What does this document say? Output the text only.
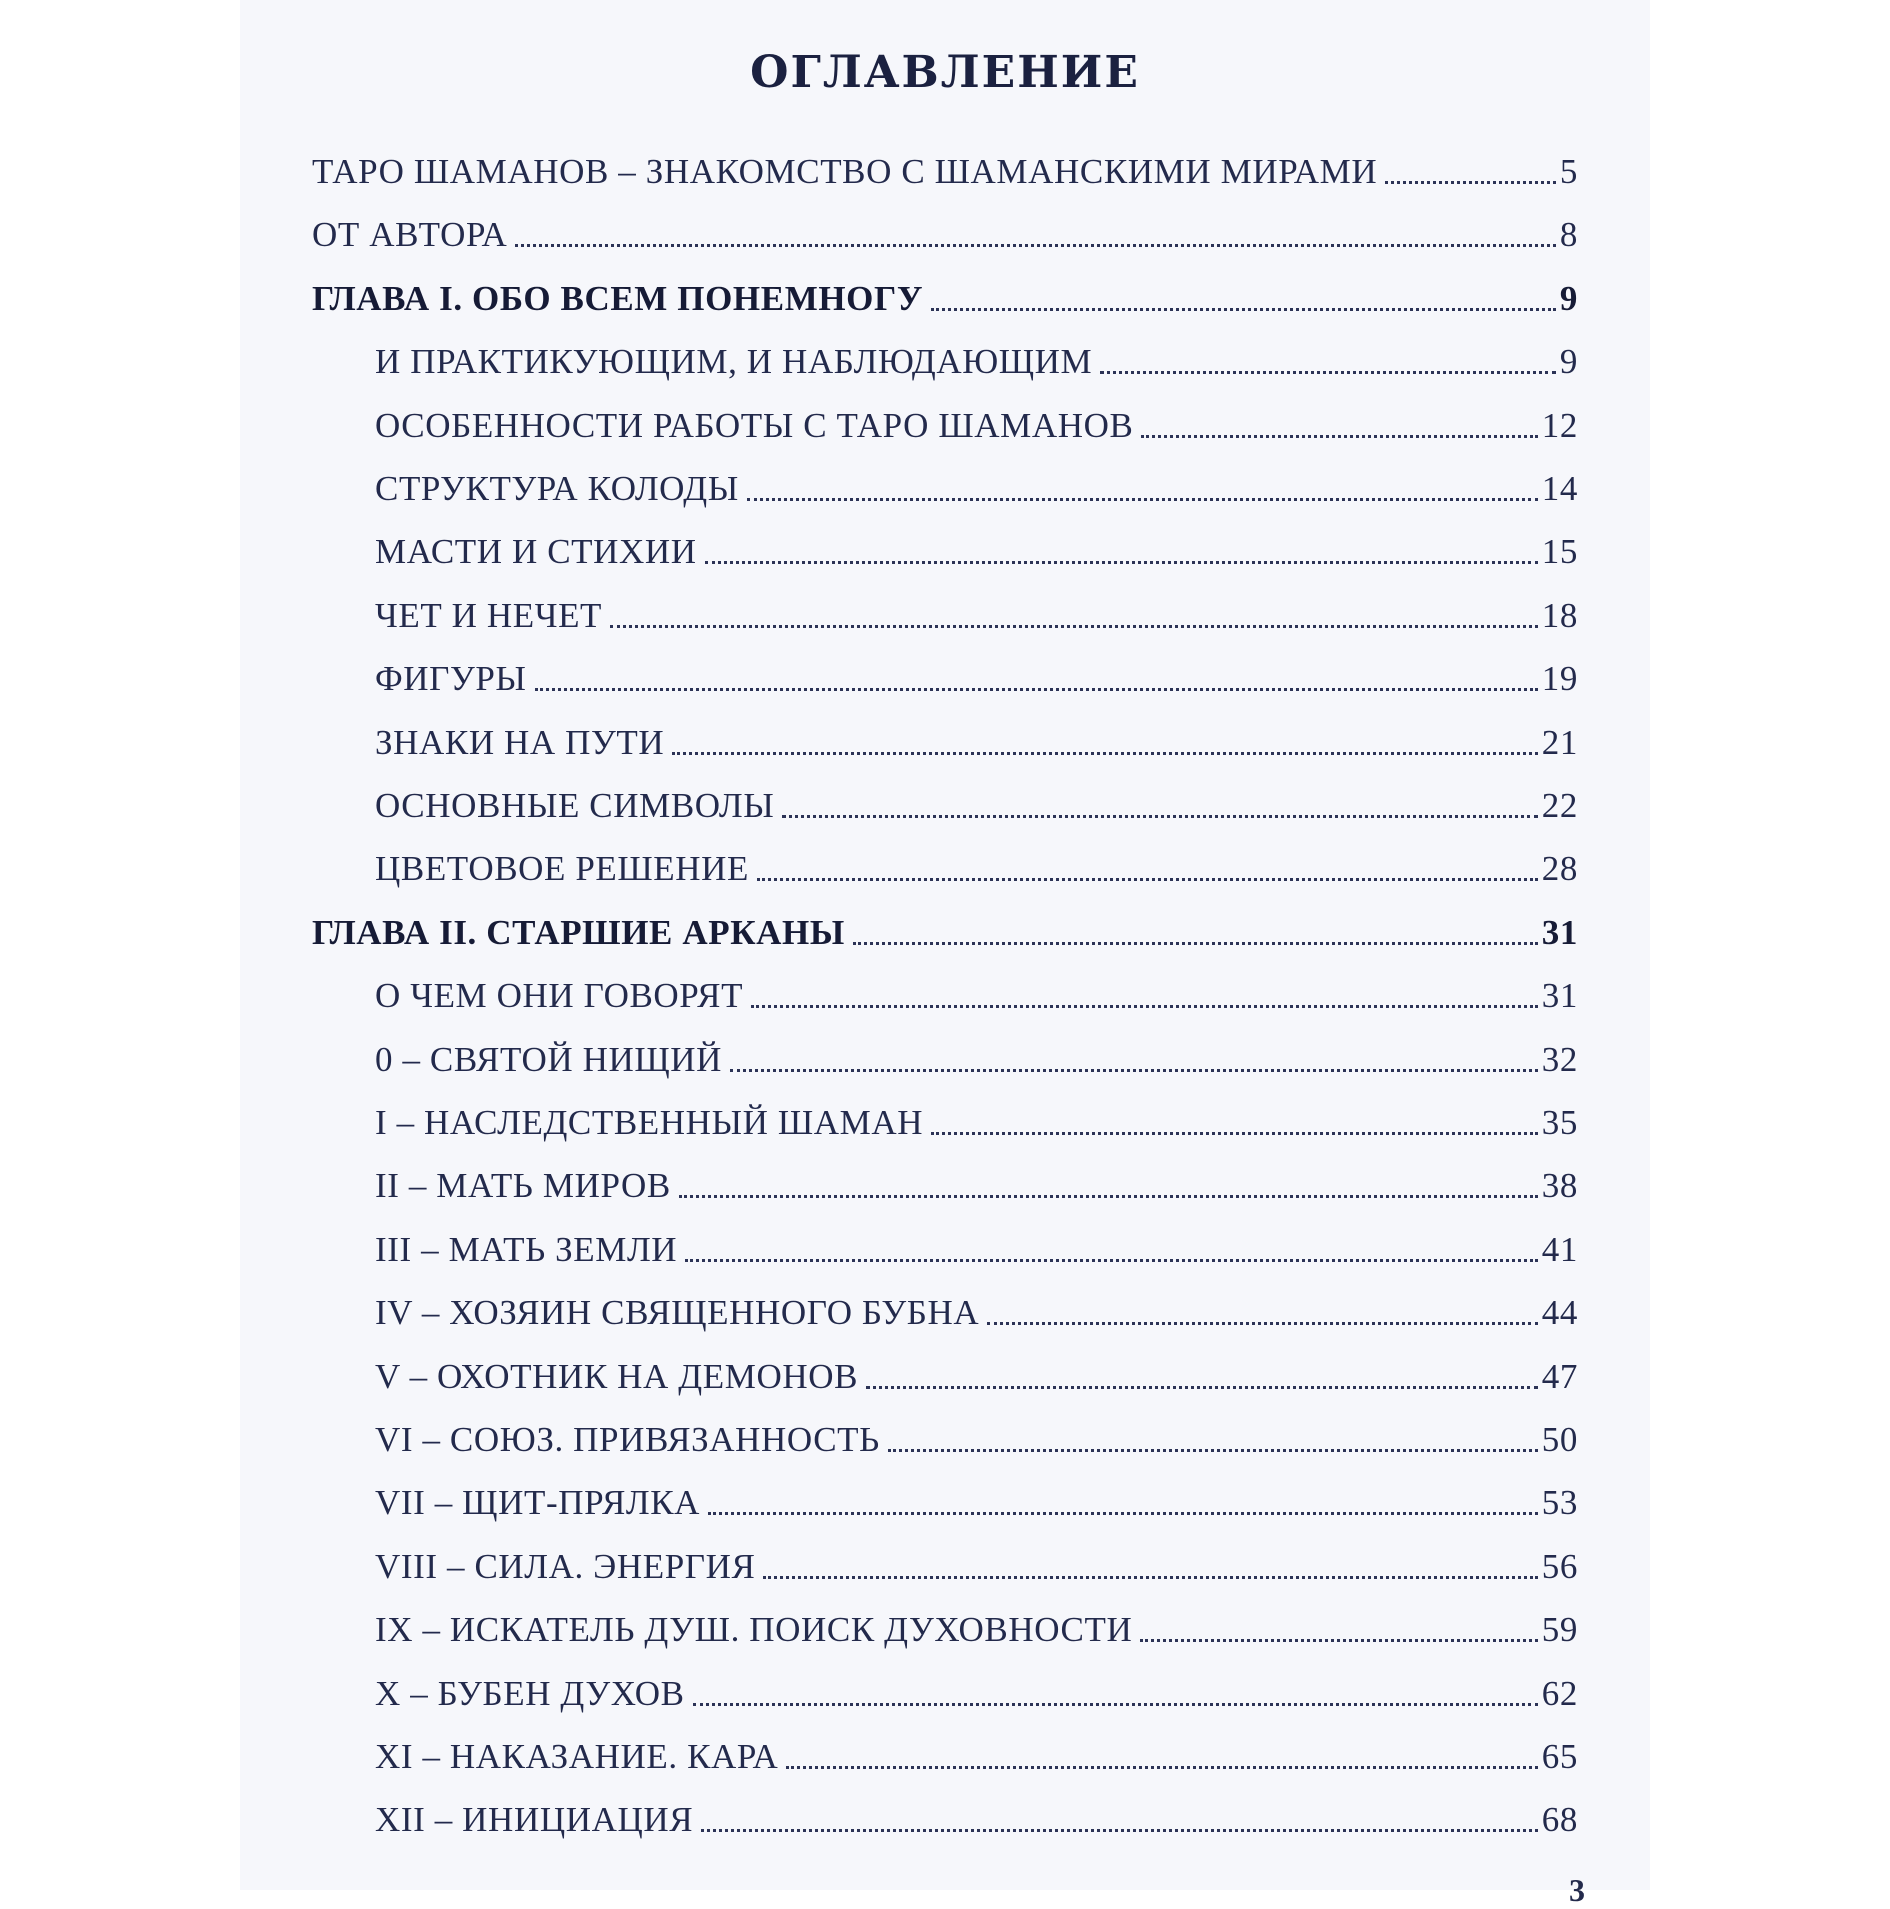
ОГЛАВЛЕНИЕ
ТАРО ШАМАНОВ – ЗНАКОМСТВО С ШАМАНСКИМИ МИРАМИ	5
ОТ АВТОРА	8
ГЛАВА I. ОБО ВСЕМ ПОНЕМНОГУ	9
И ПРАКТИКУЮЩИМ, И НАБЛЮДАЮЩИМ	9
ОСОБЕННОСТИ РАБОТЫ С ТАРО ШАМАНОВ	12
СТРУКТУРА КОЛОДЫ	14
МАСТИ И СТИХИИ	15
ЧЕТ И НЕЧЕТ	18
ФИГУРЫ	19
ЗНАКИ НА ПУТИ	21
ОСНОВНЫЕ СИМВОЛЫ	22
ЦВЕТОВОЕ РЕШЕНИЕ	28
ГЛАВА II. СТАРШИЕ АРКАНЫ	31
О ЧЕМ ОНИ ГОВОРЯТ	31
0 – СВЯТОЙ НИЩИЙ	32
I – НАСЛЕДСТВЕННЫЙ ШАМАН	35
II – МАТЬ МИРОВ	38
III – МАТЬ ЗЕМЛИ	41
IV – ХОЗЯИН СВЯЩЕННОГО БУБНА	44
V – ОХОТНИК НА ДЕМОНОВ	47
VI – СОЮЗ. ПРИВЯЗАННОСТЬ	50
VII – ЩИТ-ПРЯЛКА	53
VIII – СИЛА. ЭНЕРГИЯ	56
IX – ИСКАТЕЛЬ ДУШ. ПОИСК ДУХОВНОСТИ	59
X – БУБЕН ДУХОВ	62
XI – НАКАЗАНИЕ. КАРА	65
XII – ИНИЦИАЦИЯ	68
3
